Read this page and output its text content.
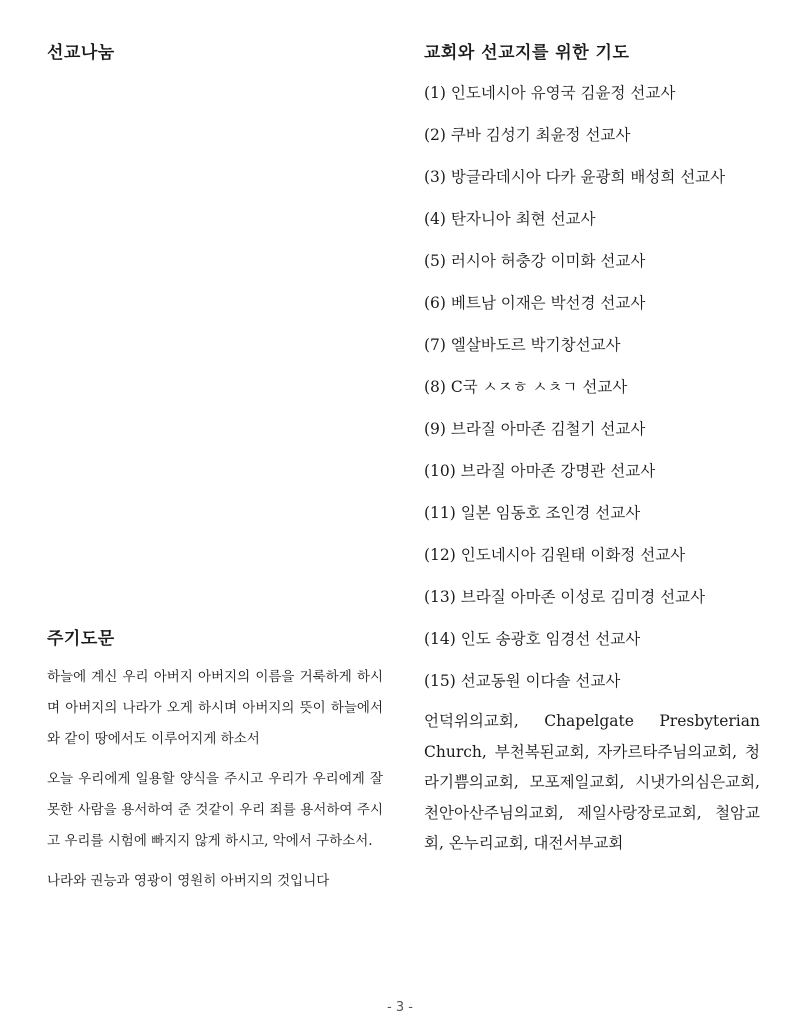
선교나눔
주기도문

하늘에 계신 우리 아버지 아버지의 이름을 거룩하게 하시며 아버지의 나라가 오게 하시며 아버지의 뜻이 하늘에서와 같이 땅에서도 이루어지게 하소서

오늘 우리에게 일용할 양식을 주시고 우리가 우리에게 잘못한 사람을 용서하여 준 것같이 우리 죄를 용서하여 주시고 우리를 시험에 빠지지 않게 하시고, 악에서 구하소서.

나라와 권능과 영광이 영원히 아버지의 것입니다

교회와 선교지를 위한 기도
(1) 인도네시아 유영국 김윤정 선교사
(2) 쿠바 김성기 최윤정 선교사
(3) 방글라데시아 다카 윤광희 배성희 선교사
(4) 탄자니아 최현 선교사
(5) 러시아 허충강 이미화 선교사
(6) 베트남 이재은 박선경 선교사
(7) 엘살바도르 박기창선교사
(8) C국 ㅅㅈㅎ ㅅㅊㄱ 선교사
(9) 브라질 아마존 김철기 선교사
(10) 브라질 아마존 강명관 선교사
(11) 일본 임동호 조인경 선교사
(12) 인도네시아 김원태 이화정 선교사
(13) 브라질 아마존 이성로 김미경 선교사
(14) 인도 송광호 임경선 선교사
(15) 선교동원 이다솔 선교사
언덕위의교회, Chapelgate Presbyterian Church, 부천복된교회, 자카르타주님의교회, 청라기쁨의교회, 모포제일교회, 시냇가의심은교회, 천안아산주님의교회, 제일사랑장로교회, 철암교회, 온누리교회, 대전서부교회
- 3 -
